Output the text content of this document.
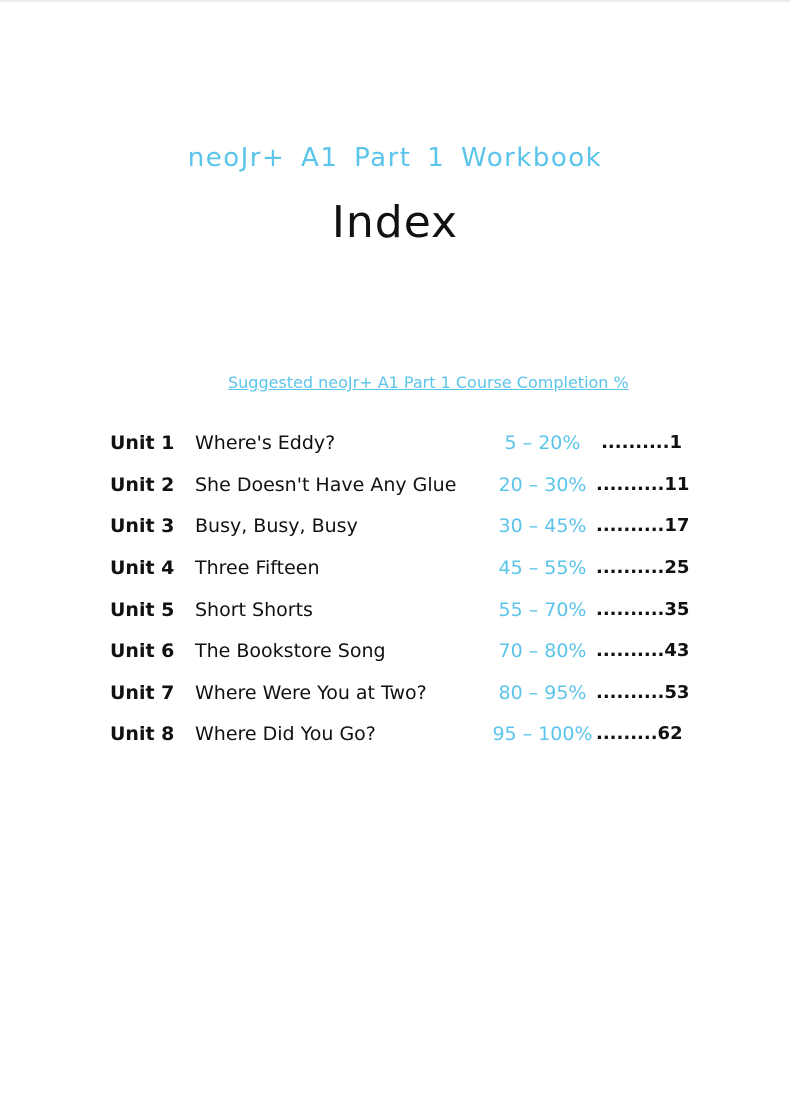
neoJr+ A1 Part 1 Workbook
Index
Suggested neoJr+ A1 Part 1 Course Completion %
Unit 1 Where's Eddy?	5 – 20%	..........1
Unit 2 She Doesn't Have Any Glue	20 – 30% ..........11
Unit 3 Busy, Busy, Busy	30 – 45% ..........17
Unit 4 Three Fifteen	45 – 55% ..........25
Unit 5 Short Shorts	55 – 70% ..........35
Unit 6 The Bookstore Song	70 – 80% ..........43
Unit 7 Where Were You at Two?	80 – 95% ..........53
Unit 8 Where Did You Go?	95 – 100% .........62
